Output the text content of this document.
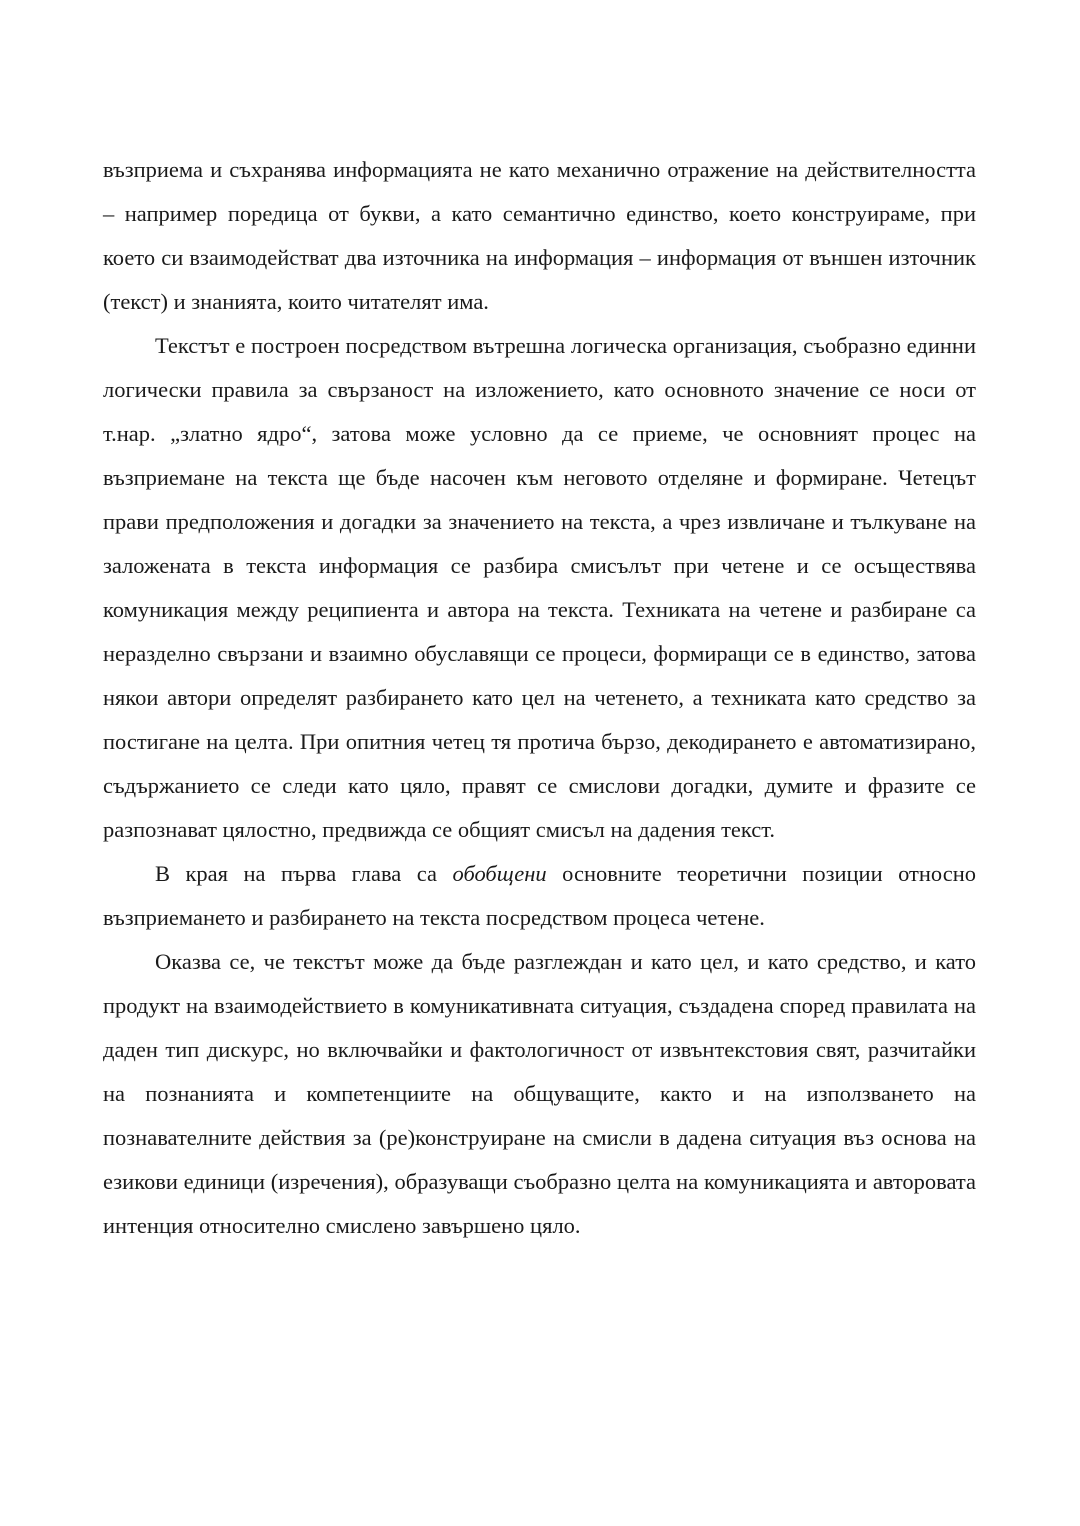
възприема и съхранява информацията не като механично отражение на действителността – например поредица от букви, а като семантично единство, което конструираме, при което си взаимодействат два източника на информация – информация от външен източник (текст) и знанията, които читателят има.

Текстът е построен посредством вътрешна логическа организация, съобразно единни логически правила за свързаност на изложението, като основното значение се носи от т.нар. „златно ядро“, затова може условно да се приеме, че основният процес на възприемане на текста ще бъде насочен към неговото отделяне и формиране. Четецът прави предположения и догадки за значението на текста, а чрез извличане и тълкуване на заложената в текста информация се разбира смисълът при четене и се осъществява комуникация между реципиента и автора на текста. Техниката на четене и разбиране са неразделно свързани и взаимно обуславящи се процеси, формиращи се в единство, затова някои автори определят разбирането като цел на четенето, а техниката като средство за постигане на целта. При опитния четец тя протича бързо, декодирането е автоматизирано, съдържанието се следи като цяло, правят се смислови догадки, думите и фразите се разпознават цялостно, предвижда се общият смисъл на дадения текст.

В края на първа глава са обобщени основните теоретични позиции относно възприемането и разбирането на текста посредством процеса четене.

Оказва се, че текстът може да бъде разглеждан и като цел, и като средство, и като продукт на взаимодействието в комуникативната ситуация, създадена според правилата на даден тип дискурс, но включвайки и фактологичност от извънтекстовия свят, разчитайки на познанията и компетенциите на общуващите, както и на използването на познавателните действия за (ре)конструиране на смисли в дадена ситуация въз основа на езикови единици (изречения), образуващи съобразно целта на комуникацията и авторовата интенция относително смислено завършено цяло.
